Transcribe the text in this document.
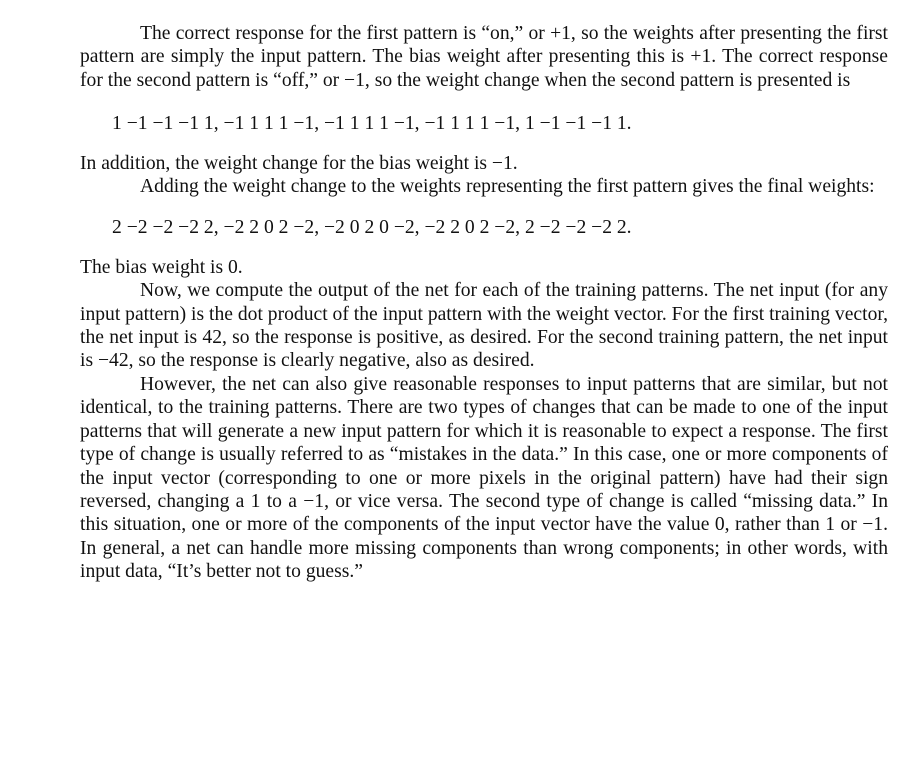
The correct response for the first pattern is “on,” or +1, so the weights after presenting the first pattern are simply the input pattern. The bias weight after presenting this is +1. The correct response for the second pattern is “off,” or −1, so the weight change when the second pattern is presented is

1 −1 −1 −1 1, −1 1 1 1 −1, −1 1 1 1 −1, −1 1 1 1 −1, 1 −1 −1 −1 1.

In addition, the weight change for the bias weight is −1.

Adding the weight change to the weights representing the first pattern gives the final weights:

2 −2 −2 −2 2, −2 2 0 2 −2, −2 0 2 0 −2, −2 2 0 2 −2, 2 −2 −2 −2 2.

The bias weight is 0.

Now, we compute the output of the net for each of the training patterns. The net input (for any input pattern) is the dot product of the input pattern with the weight vector. For the first training vector, the net input is 42, so the response is positive, as desired. For the second training pattern, the net input is −42, so the response is clearly negative, also as desired.

However, the net can also give reasonable responses to input patterns that are similar, but not identical, to the training patterns. There are two types of changes that can be made to one of the input patterns that will generate a new input pattern for which it is reasonable to expect a response. The first type of change is usually referred to as “mistakes in the data.” In this case, one or more components of the input vector (corresponding to one or more pixels in the original pattern) have had their sign reversed, changing a 1 to a −1, or vice versa. The second type of change is called “missing data.” In this situation, one or more of the components of the input vector have the value 0, rather than 1 or −1. In general, a net can handle more missing components than wrong components; in other words, with input data, “It’s better not to guess.”
